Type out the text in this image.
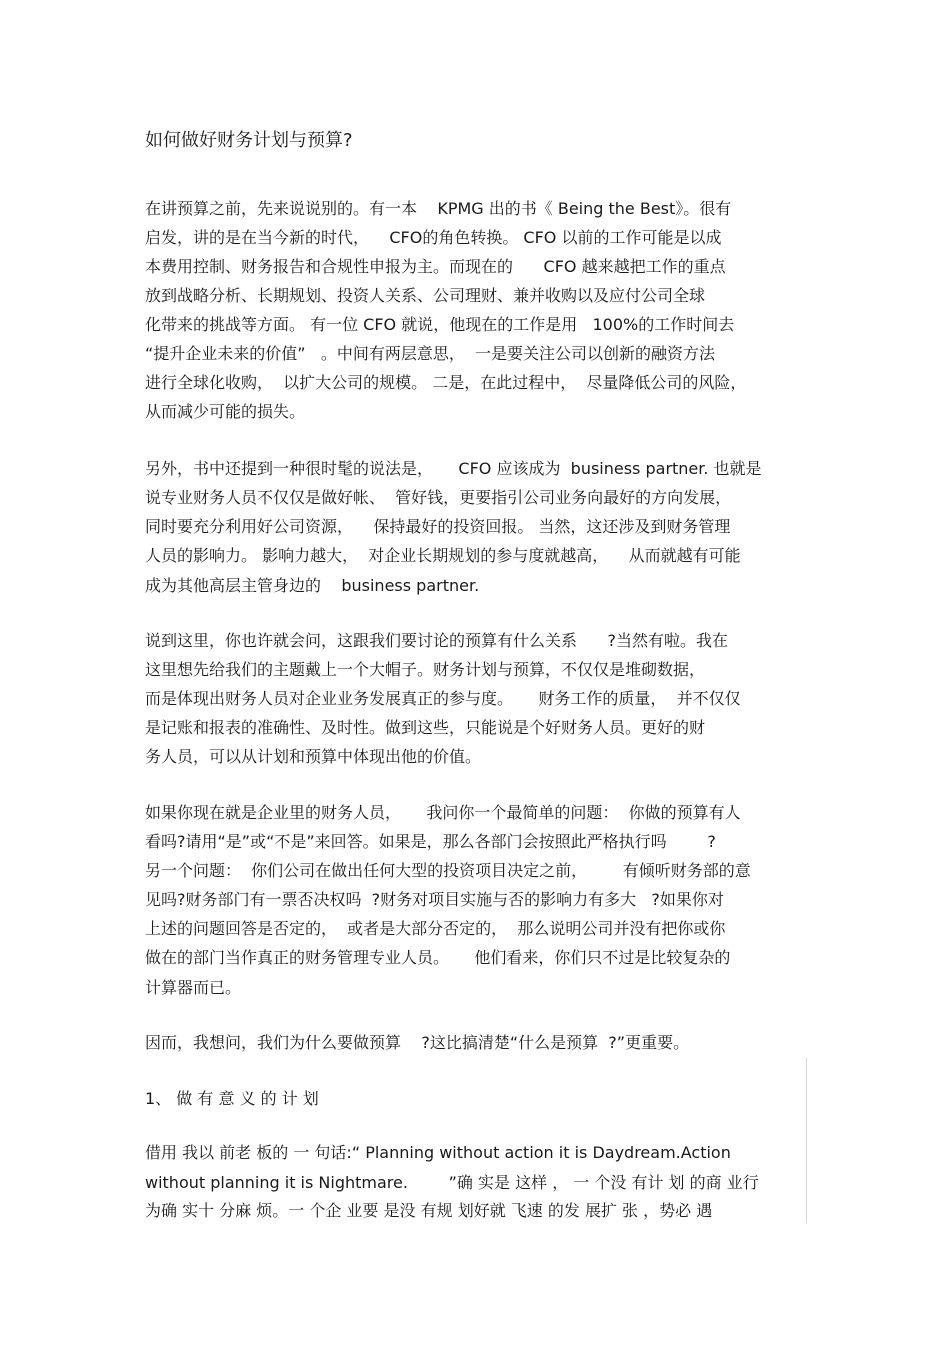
如何做好财务计划与预算?
在讲预算之前，先来说说别的。有一本    KPMG 出的书《 Being the Best》。很有
启发，讲的是在当今新的时代，    CFO的角色转换。 CFO 以前的工作可能是以成
本费用控制、财务报告和合规性申报为主。而现在的      CFO 越来越把工作的重点
放到战略分析、长期规划、投资人关系、公司理财、兼并收购以及应付公司全球
化带来的挑战等方面。 有一位 CFO 就说，他现在的工作是用   100%的工作时间去
“提升企业未来的价值”   。中间有两层意思，  一是要关注公司以创新的融资方法
进行全球化收购，  以扩大公司的规模。 二是，在此过程中，  尽量降低公司的风险，
从而减少可能的损失。
另外，书中还提到一种很时髦的说法是，     CFO 应该成为  business partner. 也就是
说专业财务人员不仅仅是做好帐、  管好钱，更要指引公司业务向最好的方向发展，
同时要充分利用好公司资源，    保持最好的投资回报。 当然，这还涉及到财务管理
人员的影响力。 影响力越大，  对企业长期规划的参与度就越高，    从而就越有可能
成为其他高层主管身边的    business partner.
说到这里，你也许就会问，这跟我们要讨论的预算有什么关系      ?当然有啦。我在
这里想先给我们的主题戴上一个大帽子。财务计划与预算，不仅仅是堆砌数据，
而是体现出财务人员对企业业务发展真正的参与度。     财务工作的质量，  并不仅仅
是记账和报表的准确性、及时性。做到这些，只能说是个好财务人员。更好的财
务人员，可以从计划和预算中体现出他的价值。
如果你现在就是企业里的财务人员，     我问你一个最简单的问题：  你做的预算有人
看吗?请用“是”或“不是”来回答。如果是，那么各部门会按照此严格执行吗        ?
另一个问题：  你们公司在做出任何大型的投资项目决定之前，       有倾听财务部的意
见吗?财务部门有一票否决权吗  ?财务对项目实施与否的影响力有多大   ?如果你对
上述的问题回答是否定的，  或者是大部分否定的，  那么说明公司并没有把你或你
做在的部门当作真正的财务管理专业人员。     他们看来，你们只不过是比较复杂的
计算器而已。
因而，我想问，我们为什么要做预算    ?这比搞清楚“什么是预算  ?”更重要。
1、 做 有 意 义 的 计 划
借用 我以 前老 板的 一 句话:“ Planning without action it is Daydream.Action
without planning it is Nightmare.        ”确 实是 这样 ， 一 个没 有计 划 的商 业行
为确 实十 分麻 烦。一 个企 业要 是没 有规 划好就 飞速 的发 展扩 张 ，势必 遇
